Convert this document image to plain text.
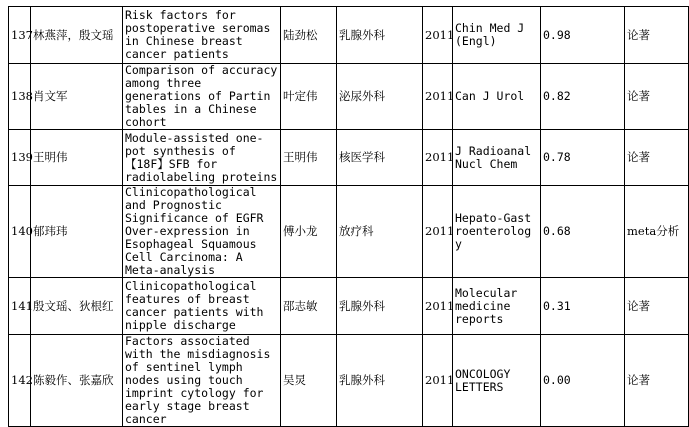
137	林燕萍，殷文瑶	Risk factors for postoperative seromas in Chinese breast cancer patients	陆劲松	乳腺外科	2011	Chin Med J (Engl)	0.98	论著
138	肖文军	Comparison of accuracy among three generations of Partin tables in a Chinese cohort	叶定伟	泌尿外科	2011	Can J Urol	0.82	论著
139	王明伟	Module-assisted one-pot synthesis of 【18F】SFB for radiolabeling proteins	王明伟	核医学科	2011	J Radioanal Nucl Chem	0.78	论著
140	郁玮玮	Clinicopathological and Prognostic Significance of EGFR Over-expression in Esophageal Squamous Cell Carcinoma: A Meta-analysis	傅小龙	放疗科	2011	Hepato-Gastroenterology	0.68	meta分析
141	殷文瑶、狄根红	Clinicopathological features of breast cancer patients with nipple discharge	邵志敏	乳腺外科	2011	Molecular medicine reports	0.31	论著
142	陈毅作、张嘉欣	Factors associated with the misdiagnosis of sentinel lymph nodes using touch imprint cytology for early stage breast cancer	吴炅	乳腺外科	2011	ONCOLOGY LETTERS	0.00	论著
